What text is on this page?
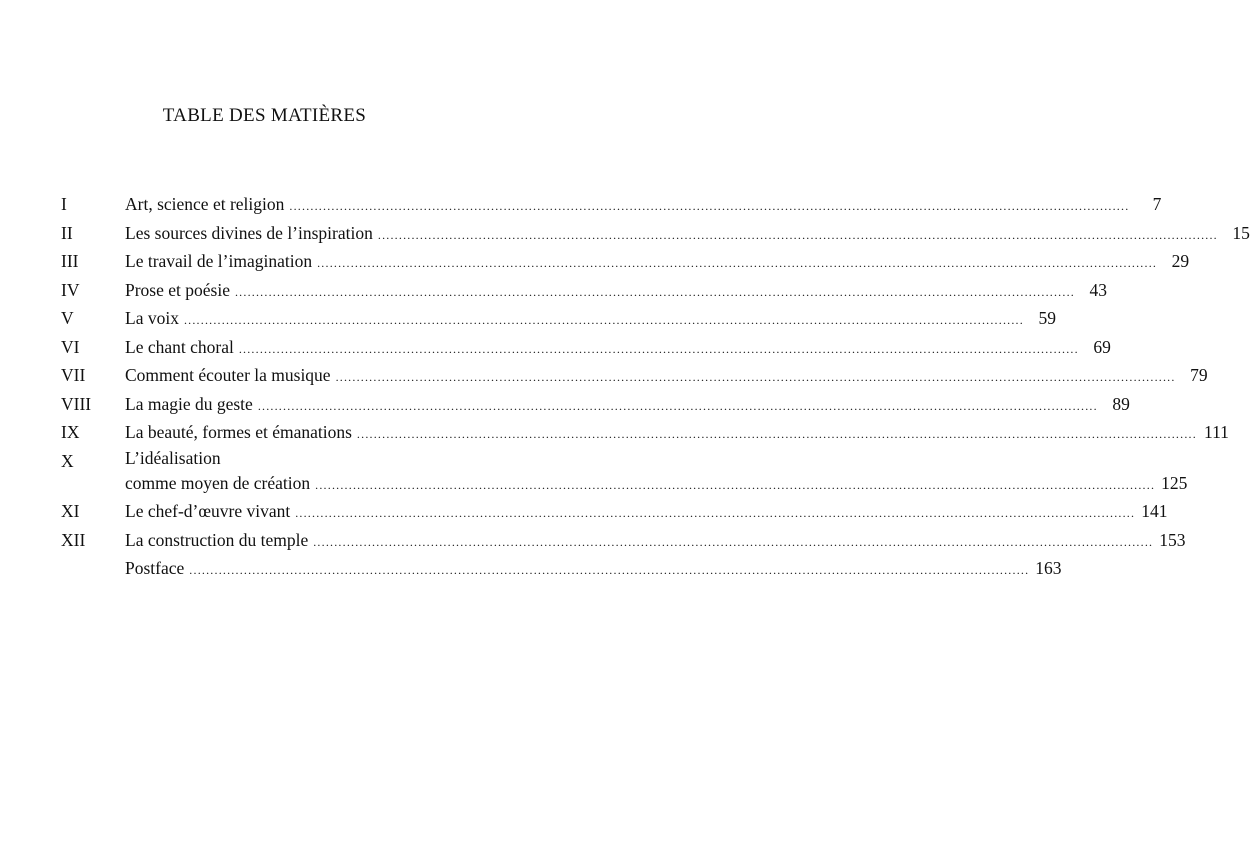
TABLE DES MATIÈRES
I	Art, science et religion ........................................................................................................................................................................................................	7
II	Les sources divines de l’inspiration ........................................................................................................................................................................................................ 15
III	Le travail de l’imagination ........................................................................................................................................................................................................ 29
IV	Prose et poésie ........................................................................................................................................................................................................ 43
V	La voix ........................................................................................................................................................................................................ 59
VI	Le chant choral ........................................................................................................................................................................................................ 69
VII	Comment écouter la musique ........................................................................................................................................................................................................ 79
VIII	La magie du geste ........................................................................................................................................................................................................ 89
IX	La beauté, formes et émanations ........................................................................................................................................................................................................ 111
X	L’idéalisation
comme moyen de création ........................................................................................................................................................................................................ 125
XI	Le chef-d’œuvre vivant ........................................................................................................................................................................................................ 141
XII	La construction du temple ........................................................................................................................................................................................................ 153
Postface ........................................................................................................................................................................................................ 163
